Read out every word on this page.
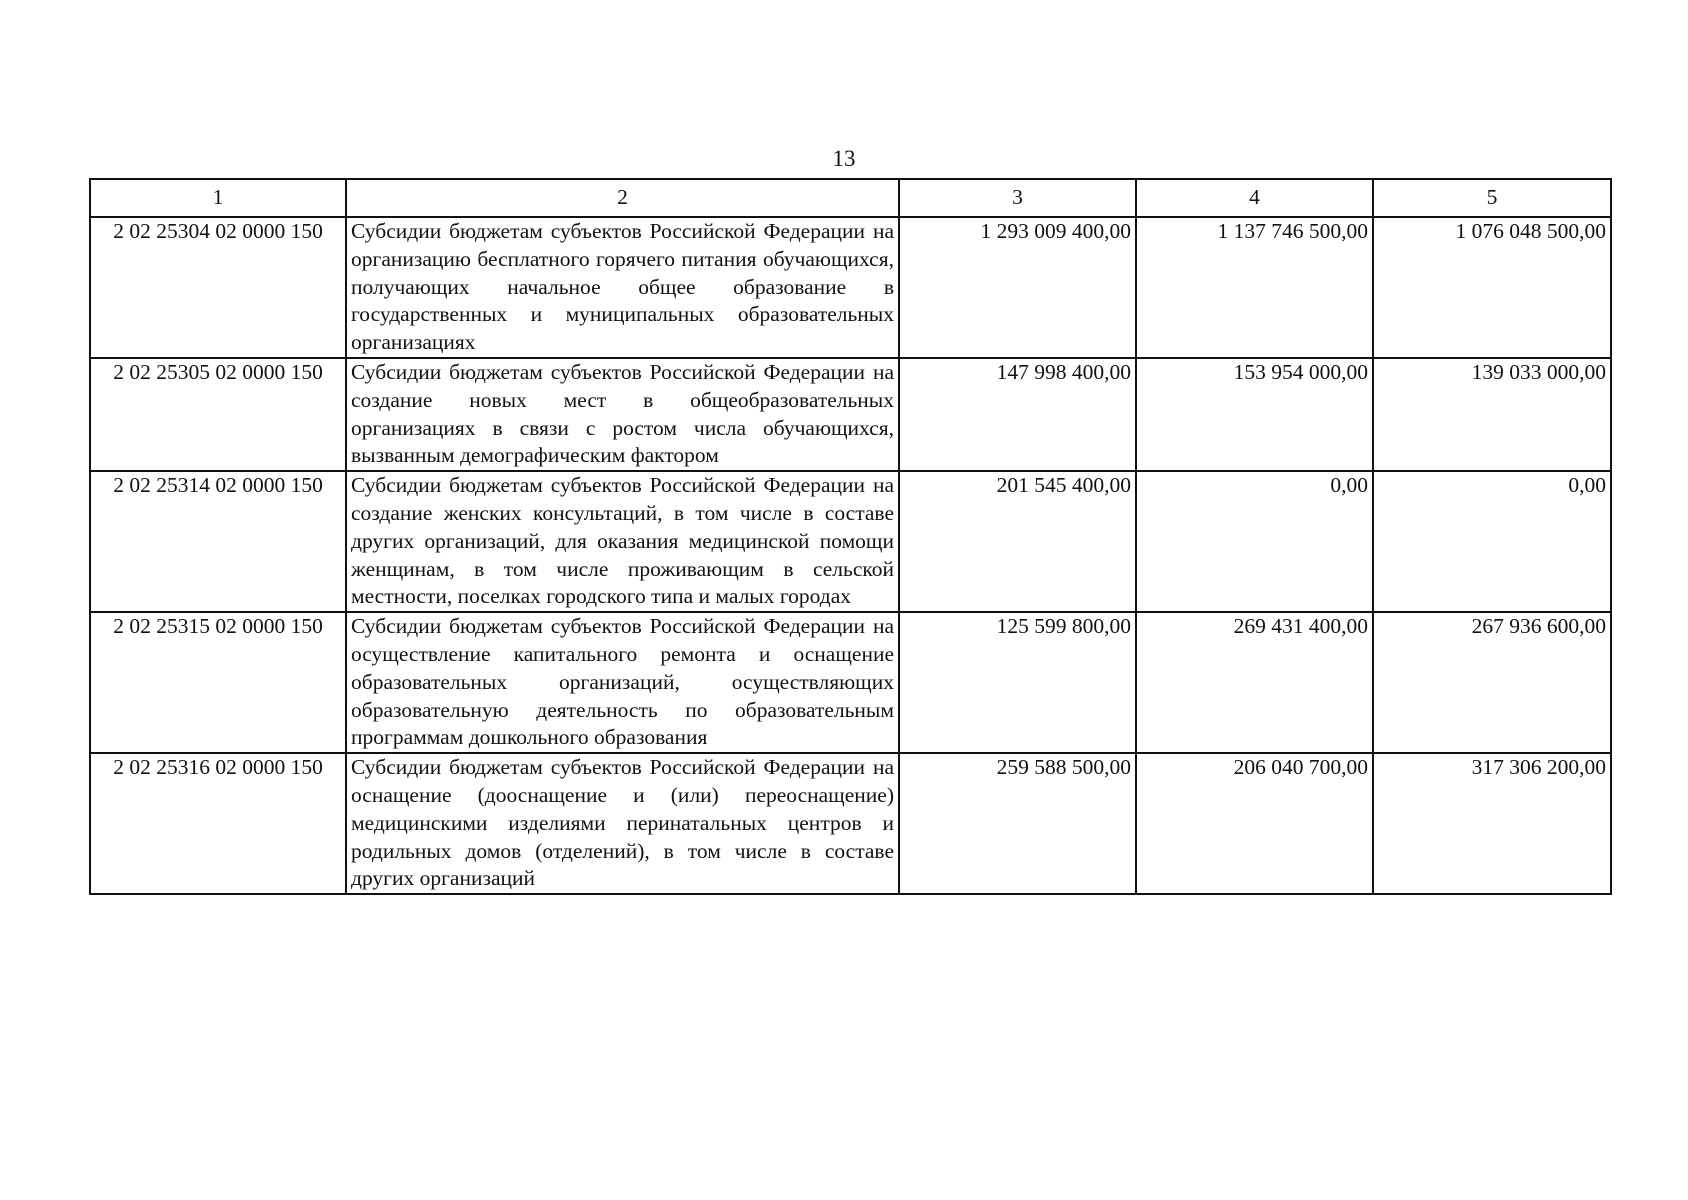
13
1	2	3	4	5
2 02 25304 02 0000 150	Субсидии бюджетам субъектов Российской Федерации на организацию бесплатного горячего питания обучающихся, получающих начальное общее образование в государственных и муниципальных образовательных организациях	1 293 009 400,00	1 137 746 500,00	1 076 048 500,00
2 02 25305 02 0000 150	Субсидии бюджетам субъектов Российской Федерации на создание новых мест в общеобразовательных организациях в связи с ростом числа обучающихся, вызванным демографическим фактором	147 998 400,00	153 954 000,00	139 033 000,00
2 02 25314 02 0000 150	Субсидии бюджетам субъектов Российской Федерации на создание женских консультаций, в том числе в составе других организаций, для оказания медицинской помощи женщинам, в том числе проживающим в сельской местности, поселках городского типа и малых городах	201 545 400,00	0,00	0,00
2 02 25315 02 0000 150	Субсидии бюджетам субъектов Российской Федерации на осуществление капитального ремонта и оснащение образовательных организаций, осуществляющих образовательную деятельность по образовательным программам дошкольного образования	125 599 800,00	269 431 400,00	267 936 600,00
2 02 25316 02 0000 150	Субсидии бюджетам субъектов Российской Федерации на оснащение (дооснащение и (или) переоснащение) медицинскими изделиями перинатальных центров и родильных домов (отделений), в том числе в составе других организаций	259 588 500,00	206 040 700,00	317 306 200,00
